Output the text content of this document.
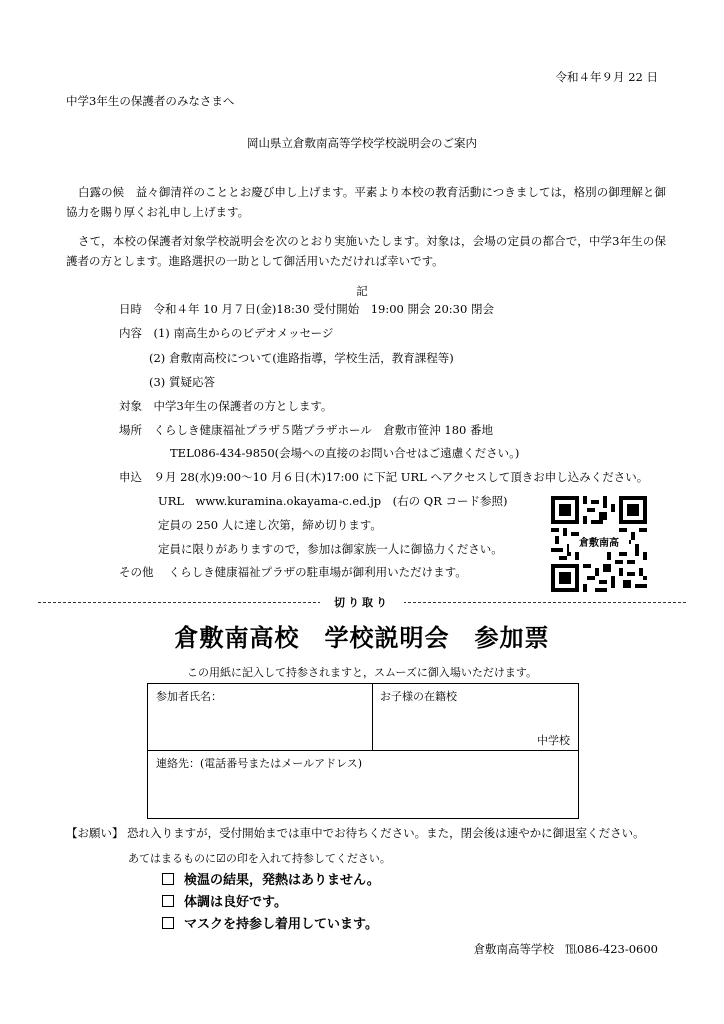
令和４年９月 22 日
中学3年生の保護者のみなさまへ
岡山県立倉敷南高等学校学校説明会のご案内
白露の候　益々御清祥のこととお慶び申し上げます。平素より本校の教育活動につきましては，格別の御理解と御協力を賜り厚くお礼申し上げます。
さて，本校の保護者対象学校説明会を次のとおり実施いたします。対象は，会場の定員の都合で，中学3年生の保護者の方とします。進路選択の一助として御活用いただければ幸いです。
記
日時　令和４年 10 月７日(金)18:30 受付開始　19:00 開会 20:30 閉会
内容　(1) 南高生からのビデオメッセージ
(2) 倉敷南高校について(進路指導，学校生活，教育課程等)
(3) 質疑応答
対象　中学3年生の保護者の方とします。
場所　くらしき健康福祉プラザ５階プラザホール　倉敷市笹沖 180 番地
TEL086-434-9850(会場への直接のお問い合せはご遠慮ください。)
申込　９月 28(水)9:00～10 月６日(木)17:00 に下記 URL へアクセスして頂きお申し込みください。
URL　www.kuramina.okayama-c.ed.jp　(右の QR コード参照)
定員の 250 人に達し次第，締め切ります。
定員に限りがありますので，参加は御家族一人に御協力ください。
その他　 くらしき健康福祉プラザの駐車場が御利用いただけます。
倉敷南高
切り取り
倉敷南高校　学校説明会　参加票
この用紙に記入して持参されますと，スムーズに御入場いただけます。
参加者氏名：	お子様の在籍校
中学校
連絡先：(電話番号またはメールアドレス)
【お願い】 恐れ入りますが，受付開始までは車中でお待ちください。また，閉会後は速やかに御退室ください。
あてはまるものに☑の印を入れて持参してください。
検温の結果，発熱はありません。
体調は良好です。
マスクを持参し着用しています。
倉敷南高等学校　℡086-423-0600
